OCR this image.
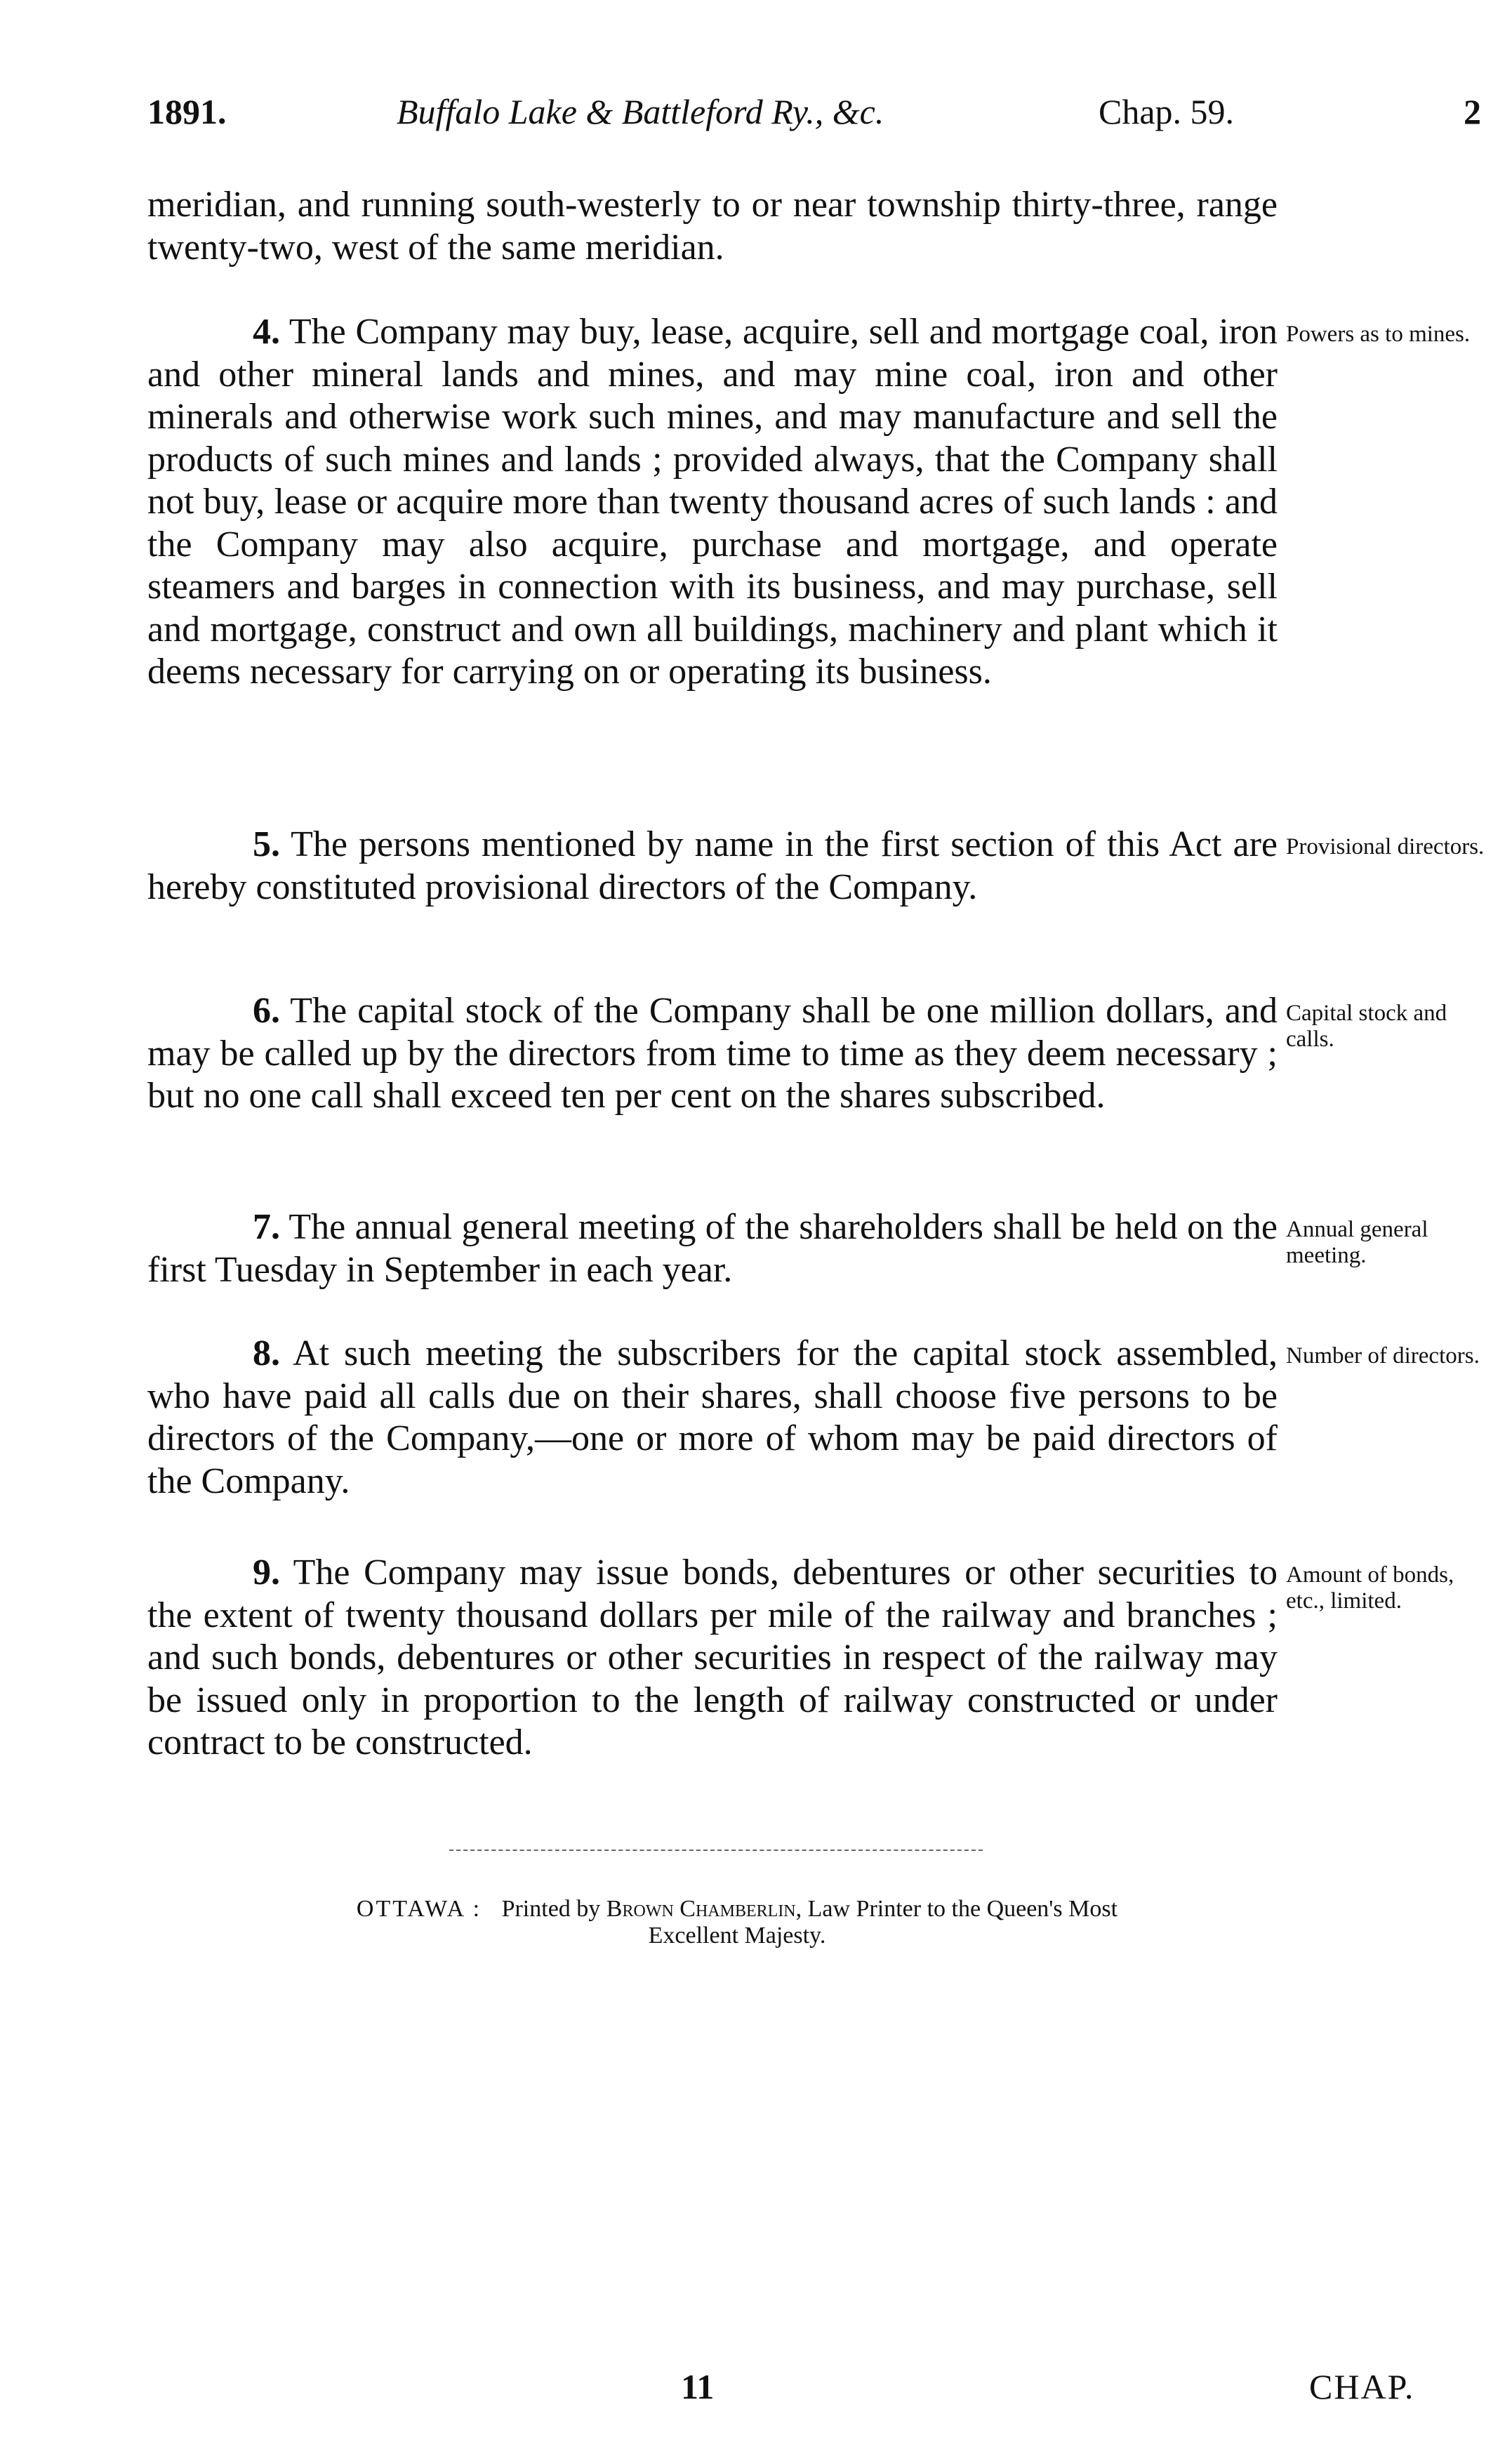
1891.	Buffalo Lake & Battleford Ry., &c.	Chap. 59.	2
meridian, and running south-westerly to or near township thirty-three, range twenty-two, west of the same meridian.

4. The Company may buy, lease, acquire, sell and mortgage coal, iron and other mineral lands and mines, and may mine coal, iron and other minerals and otherwise work such mines, and may manufacture and sell the products of such mines and lands ; provided always, that the Company shall not buy, lease or acquire more than twenty thousand acres of such lands : and the Company may also acquire, purchase and mortgage, and operate steamers and barges in connection with its business, and may purchase, sell and mortgage, construct and own all buildings, machinery and plant which it deems necessary for carrying on or operating its business.

Powers as to mines.

5. The persons mentioned by name in the first section of this Act are hereby constituted provisional directors of the Company.

Provisional directors.

6. The capital stock of the Company shall be one million dollars, and may be called up by the directors from time to time as they deem necessary ; but no one call shall exceed ten per cent on the shares subscribed.

Capital stock and calls.

7. The annual general meeting of the shareholders shall be held on the first Tuesday in September in each year.

Annual general meeting.

8. At such meeting the subscribers for the capital stock assembled, who have paid all calls due on their shares, shall choose five persons to be directors of the Company,—one or more of whom may be paid directors of the Company.

Number of directors.

9. The Company may issue bonds, debentures or other securities to the extent of twenty thousand dollars per mile of the railway and branches ; and such bonds, debentures or other securities in respect of the railway may be issued only in proportion to the length of railway constructed or under contract to be constructed.

Amount of bonds, etc., limited.
OTTAWA : Printed by Brown Chamberlin, Law Printer to the Queen's Most
Excellent Majesty.
11	CHAP.
